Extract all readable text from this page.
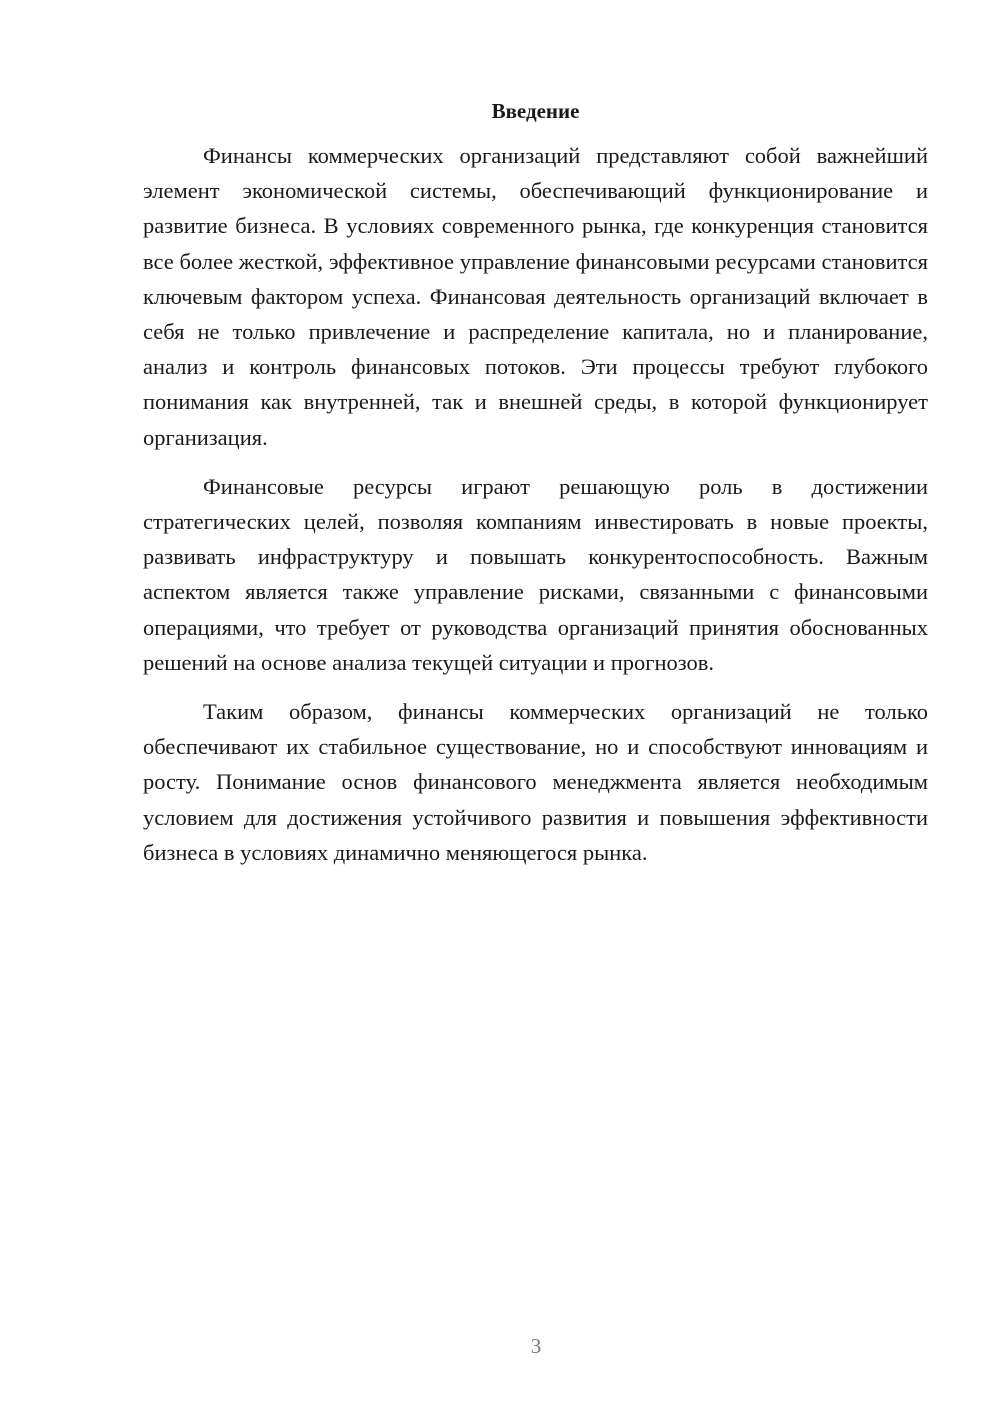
Введение

Финансы коммерческих организаций представляют собой важнейший элемент экономической системы, обеспечивающий функционирование и развитие бизнеса. В условиях современного рынка, где конкуренция становится все более жесткой, эффективное управление финансовыми ресурсами становится ключевым фактором успеха. Финансовая деятельность организаций включает в себя не только привлечение и распределение капитала, но и планирование, анализ и контроль финансовых потоков. Эти процессы требуют глубокого понимания как внутренней, так и внешней среды, в которой функционирует организация.

Финансовые ресурсы играют решающую роль в достижении стратегических целей, позволяя компаниям инвестировать в новые проекты, развивать инфраструктуру и повышать конкурентоспособность. Важным аспектом является также управление рисками, связанными с финансовыми операциями, что требует от руководства организаций принятия обоснованных решений на основе анализа текущей ситуации и прогнозов.

Таким образом, финансы коммерческих организаций не только обеспечивают их стабильное существование, но и способствуют инновациям и росту. Понимание основ финансового менеджмента является необходимым условием для достижения устойчивого развития и повышения эффективности бизнеса в условиях динамично меняющегося рынка.

3
